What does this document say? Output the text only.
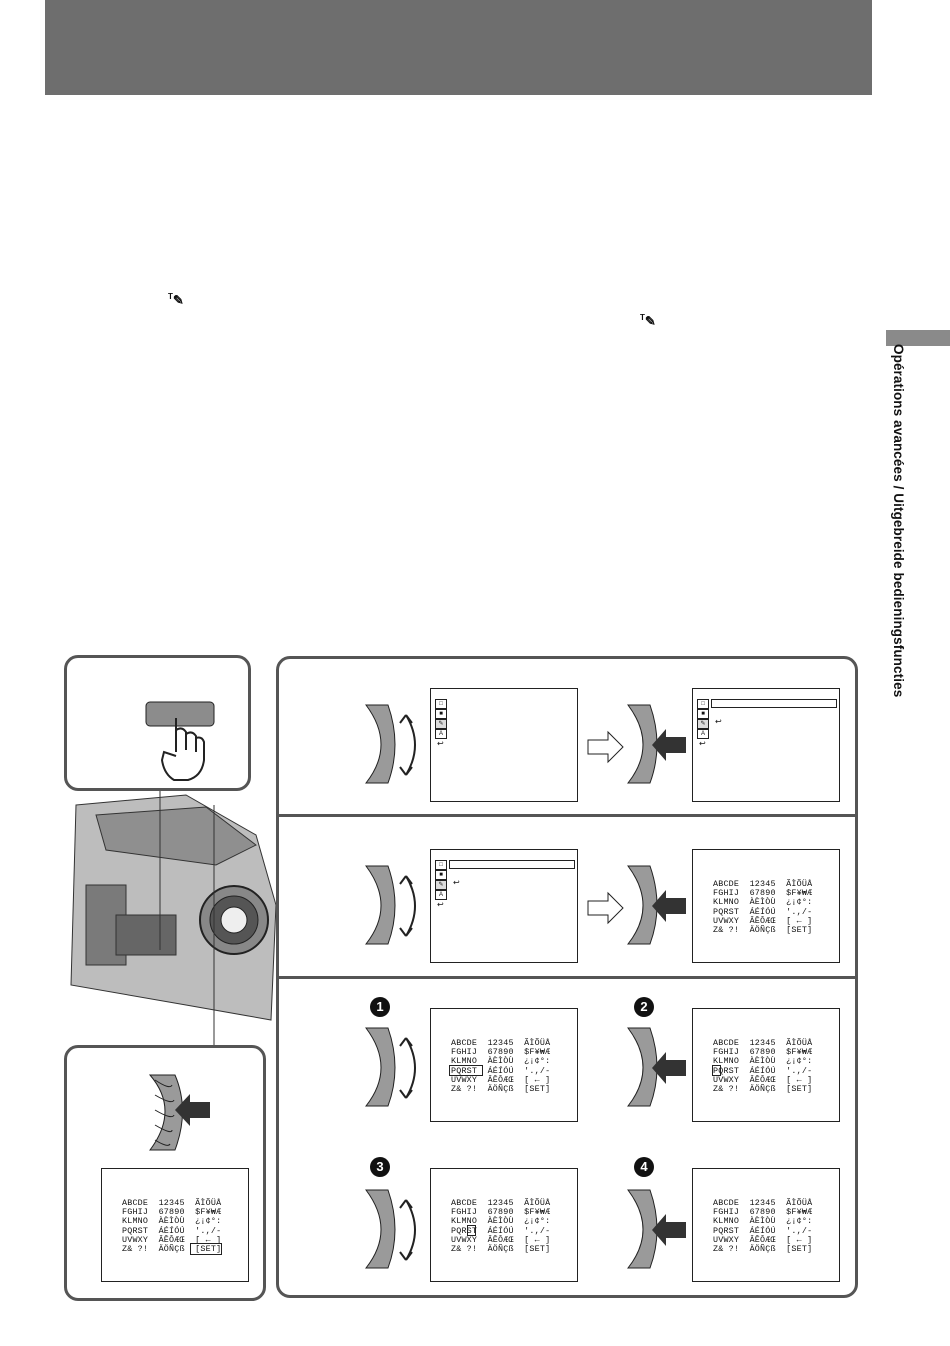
Opérations avancées / Uitgebreide bedieningsfuncties
$^T$✎
$^T$✎
ABCDE  12345  ÃÌÕÜÅ
FGHIJ  67890  $F¥₩Æ
KLMNO  ÀÈÌÒÙ  ¿¡¢°:
PQRST  ÁÉÍÓÚ  '.,/-
UVWXY  ÂÊÔÆŒ  [ ← ]
Z& ?!  ÄÖÑÇß  [SET]
□
■
✎
A
↩
□
■
✎	↩
A
↩
□
■
✎	↩
A
↩
ABCDE  12345  ÃÌÕÜÅ
FGHIJ  67890  $F¥₩Æ
KLMNO  ÀÈÌÒÙ  ¿¡¢°:
PQRST  ÁÉÍÓÚ  '.,/-
UVWXY  ÂÊÔÆŒ  [ ← ]
Z& ?!  ÄÖÑÇß  [SET]
1	2
ABCDE  12345  ÃÌÕÜÅ
FGHIJ  67890  $F¥₩Æ
KLMNO  ÀÈÌÒÙ  ¿¡¢°:
PQRST  ÁÉÍÓÚ  '.,/-
UVWXY  ÂÊÔÆŒ  [ ← ]
Z& ?!  ÄÖÑÇß  [SET]
ABCDE  12345  ÃÌÕÜÅ
FGHIJ  67890  $F¥₩Æ
KLMNO  ÀÈÌÒÙ  ¿¡¢°:
PQRST  ÁÉÍÓÚ  '.,/-
UVWXY  ÂÊÔÆŒ  [ ← ]
Z& ?!  ÄÖÑÇß  [SET]
3	4
ABCDE  12345  ÃÌÕÜÅ
FGHIJ  67890  $F¥₩Æ
KLMNO  ÀÈÌÒÙ  ¿¡¢°:
PQRST  ÁÉÍÓÚ  '.,/-
UVWXY  ÂÊÔÆŒ  [ ← ]
Z& ?!  ÄÖÑÇß  [SET]
ABCDE  12345  ÃÌÕÜÅ
FGHIJ  67890  $F¥₩Æ
KLMNO  ÀÈÌÒÙ  ¿¡¢°:
PQRST  ÁÉÍÓÚ  '.,/-
UVWXY  ÂÊÔÆŒ  [ ← ]
Z& ?!  ÄÖÑÇß  [SET]
